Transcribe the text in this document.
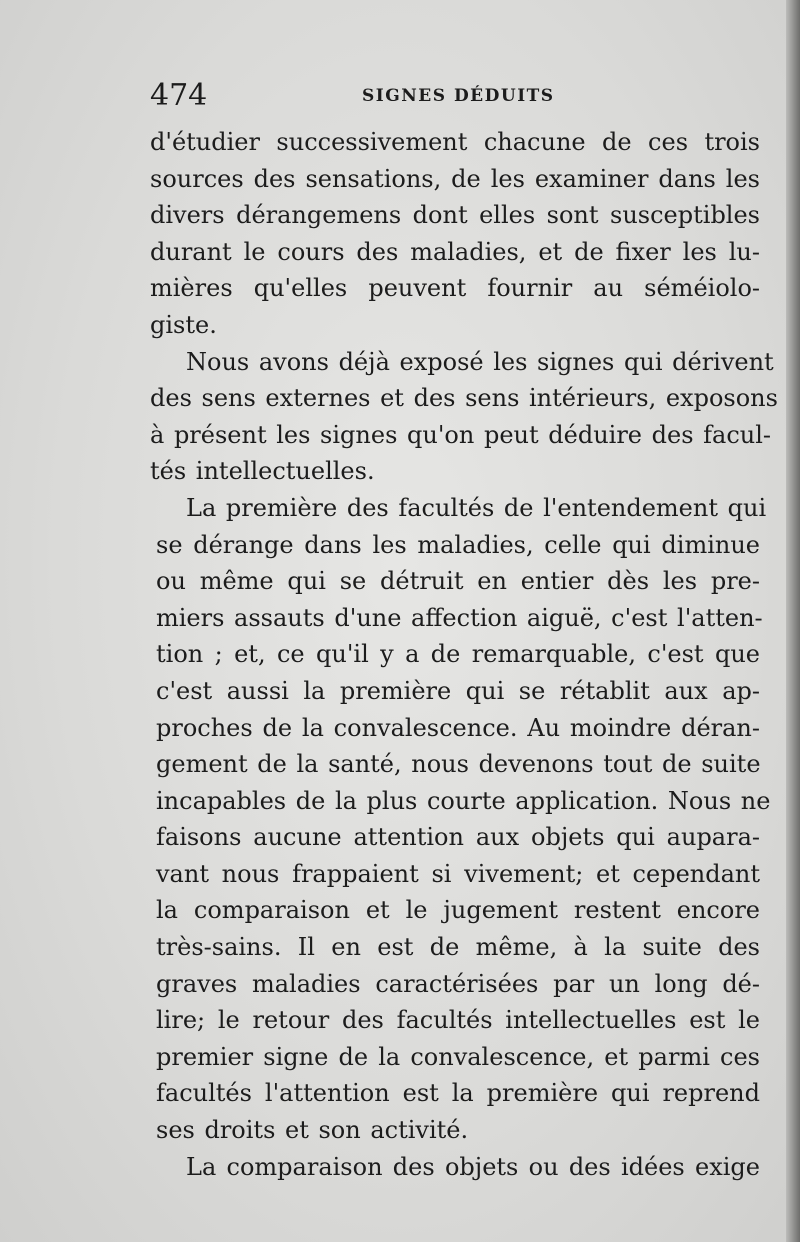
474	SIGNES DÉDUITS
d'étudier successivement chacune de ces trois
sources des sensations, de les examiner dans les
divers dérangemens dont elles sont susceptibles
durant le cours des maladies, et de fixer les lu-
mières qu'elles peuvent fournir au séméiolo-
giste.
Nous avons déjà exposé les signes qui dérivent
des sens externes et des sens intérieurs, exposons
à présent les signes qu'on peut déduire des facul-
tés intellectuelles.
La première des facultés de l'entendement qui
se dérange dans les maladies, celle qui diminue
ou même qui se détruit en entier dès les pre-
miers assauts d'une affection aiguë, c'est l'atten-
tion ; et, ce qu'il y a de remarquable, c'est que
c'est aussi la première qui se rétablit aux ap-
proches de la convalescence. Au moindre déran-
gement de la santé, nous devenons tout de suite
incapables de la plus courte application. Nous ne
faisons aucune attention aux objets qui aupara-
vant nous frappaient si vivement; et cependant
la comparaison et le jugement restent encore
très-sains. Il en est de même, à la suite des
graves maladies caractérisées par un long dé-
lire; le retour des facultés intellectuelles est le
premier signe de la convalescence, et parmi ces
facultés l'attention est la première qui reprend
ses droits et son activité.
La comparaison des objets ou des idées exige
